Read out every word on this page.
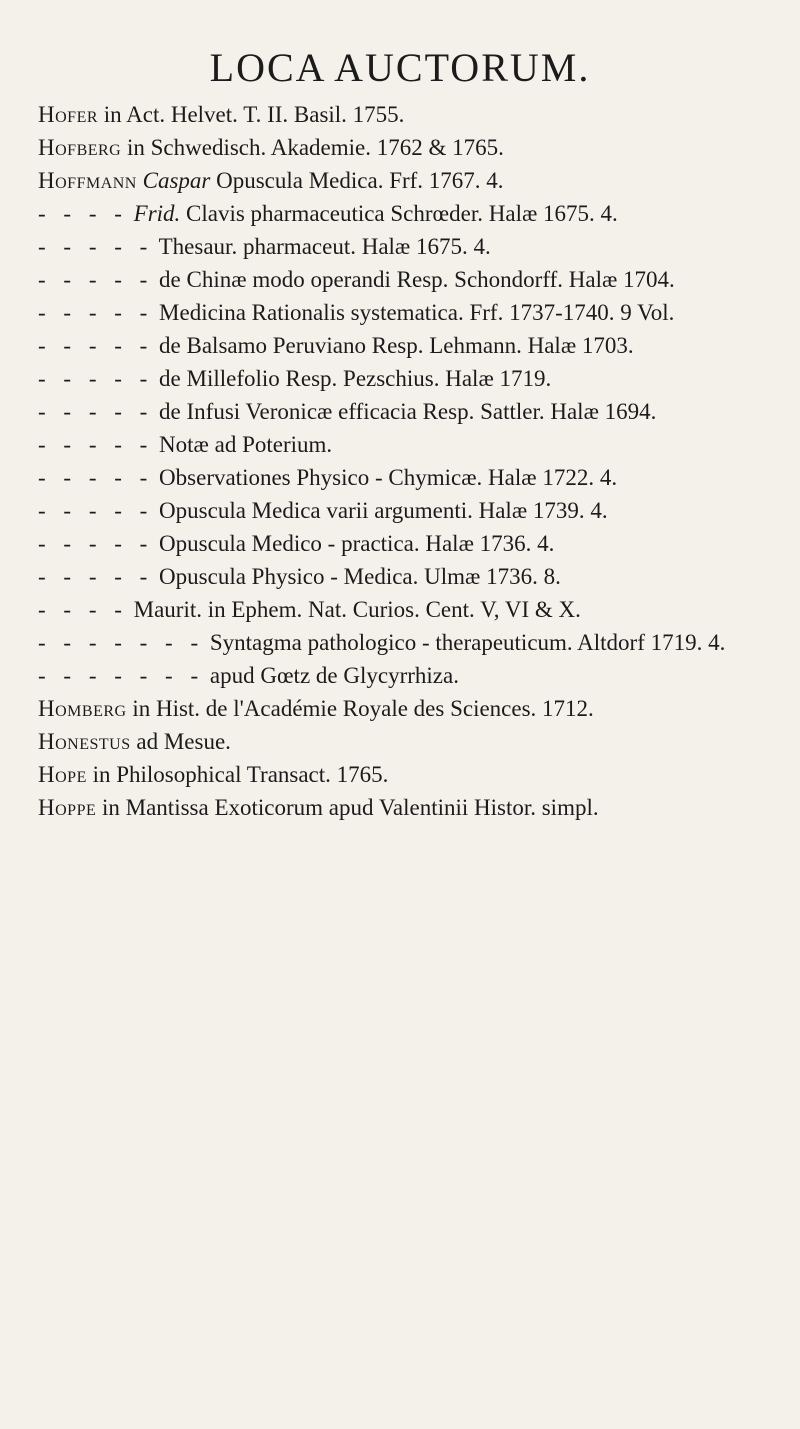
LOCA AUCTORUM.

Hofer in Act. Helvet. T. II. Basil. 1755.

Hofberg in Schwedisch. Akademie. 1762 & 1765.

Hoffmann Caspar Opuscula Medica. Frf. 1767. 4.

- - - - Frid. Clavis pharmaceutica Schrœder. Halæ 1675. 4.

- - - - - Thesaur. pharmaceut. Halæ 1675. 4.

- - - - - de Chinæ modo operandi Resp. Schondorff. Halæ 1704.

- - - - - Medicina Rationalis systematica. Frf. 1737-1740. 9 Vol.

- - - - - de Balsamo Peruviano Resp. Lehmann. Halæ 1703.

- - - - - de Millefolio Resp. Pezschius. Halæ 1719.

- - - - - de Infusi Veronicæ efficacia Resp. Sattler. Halæ 1694.

- - - - - Notæ ad Poterium.

- - - - - Observationes Physico - Chymicæ. Halæ 1722. 4.

- - - - - Opuscula Medica varii argumenti. Halæ 1739. 4.

- - - - - Opuscula Medico - practica. Halæ 1736. 4.

- - - - - Opuscula Physico - Medica. Ulmæ 1736. 8.

- - - - Maurit. in Ephem. Nat. Curios. Cent. V, VI & X.

- - - - - - - Syntagma pathologico - therapeuticum. Altdorf 1719. 4.

- - - - - - - apud Gœtz de Glycyrrhiza.

Homberg in Hist. de l'Académie Royale des Sciences. 1712.

Honestus ad Mesue.

Hope in Philosophical Transact. 1765.

Hoppe in Mantissa Exoticorum apud Valentinii Histor. simpl.
